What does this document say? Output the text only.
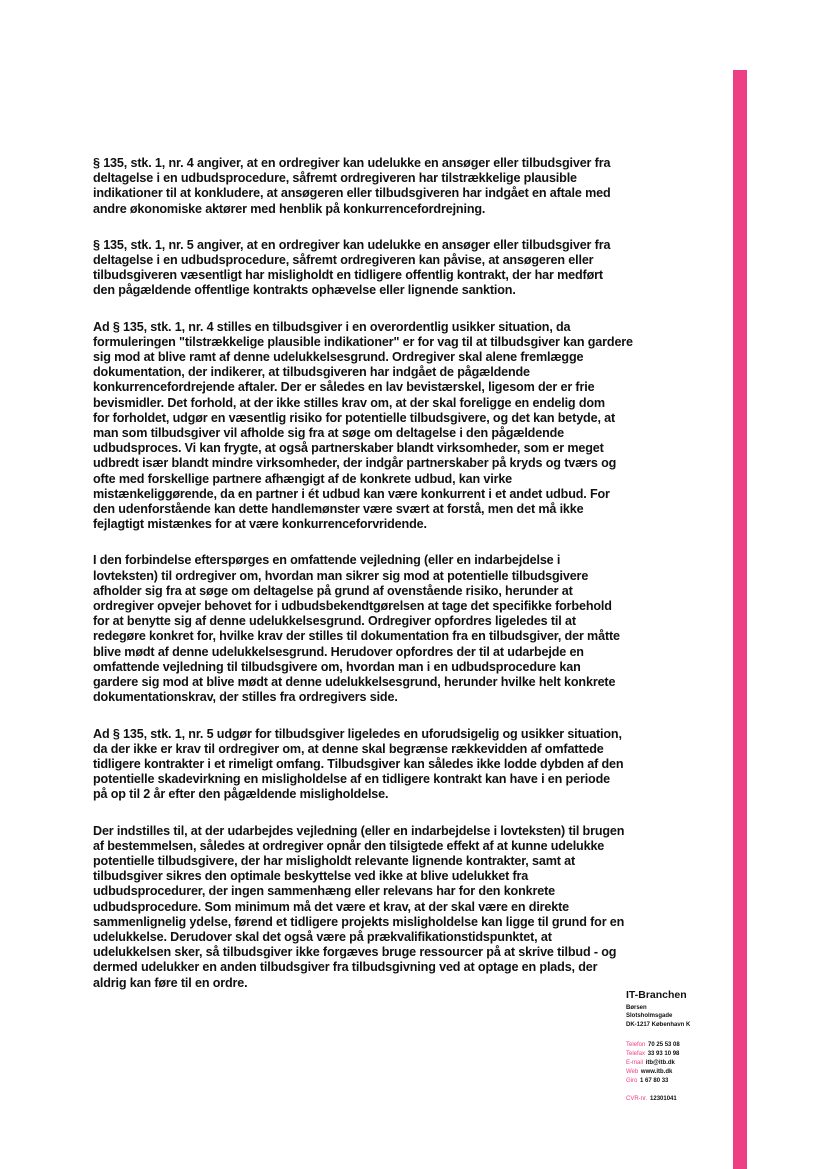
§ 135, stk. 1, nr. 4 angiver, at en ordregiver kan udelukke en ansøger eller tilbudsgiver fra
deltagelse i en udbudsprocedure, såfremt ordregiveren har tilstrækkelige plausible
indikationer til at konkludere, at ansøgeren eller tilbudsgiveren har indgået en aftale med
andre økonomiske aktører med henblik på konkurrencefordrejning.

§ 135, stk. 1, nr. 5 angiver, at en ordregiver kan udelukke en ansøger eller tilbudsgiver fra
deltagelse i en udbudsprocedure, såfremt ordregiveren kan påvise, at ansøgeren eller
tilbudsgiveren væsentligt har misligholdt en tidligere offentlig kontrakt, der har medført
den pågældende offentlige kontrakts ophævelse eller lignende sanktion.

Ad § 135, stk. 1, nr. 4 stilles en tilbudsgiver i en overordentlig usikker situation, da
formuleringen "tilstrækkelige plausible indikationer" er for vag til at tilbudsgiver kan gardere
sig mod at blive ramt af denne udelukkelsesgrund. Ordregiver skal alene fremlægge
dokumentation, der indikerer, at tilbudsgiveren har indgået de pågældende
konkurrencefordrejende aftaler. Der er således en lav bevistærskel, ligesom der er frie
bevismidler. Det forhold, at der ikke stilles krav om, at der skal foreligge en endelig dom
for forholdet, udgør en væsentlig risiko for potentielle tilbudsgivere, og det kan betyde, at
man som tilbudsgiver vil afholde sig fra at søge om deltagelse i den pågældende
udbudsproces. Vi kan frygte, at også partnerskaber blandt virksomheder, som er meget
udbredt især blandt mindre virksomheder, der indgår partnerskaber på kryds og tværs og
ofte med forskellige partnere afhængigt af de konkrete udbud, kan virke
mistænkeliggørende, da en partner i ét udbud kan være konkurrent i et andet udbud. For
den udenforstående kan dette handlemønster være svært at forstå, men det må ikke
fejlagtigt mistænkes for at være konkurrenceforvridende.

I den forbindelse efterspørges en omfattende vejledning (eller en indarbejdelse i
lovteksten) til ordregiver om, hvordan man sikrer sig mod at potentielle tilbudsgivere
afholder sig fra at søge om deltagelse på grund af ovenstående risiko, herunder at
ordregiver opvejer behovet for i udbudsbekendtgørelsen at tage det specifikke forbehold
for at benytte sig af denne udelukkelsesgrund. Ordregiver opfordres ligeledes til at
redegøre konkret for, hvilke krav der stilles til dokumentation fra en tilbudsgiver, der måtte
blive mødt af denne udelukkelsesgrund. Herudover opfordres der til at udarbejde en
omfattende vejledning til tilbudsgivere om, hvordan man i en udbudsprocedure kan
gardere sig mod at blive mødt at denne udelukkelsesgrund, herunder hvilke helt konkrete
dokumentationskrav, der stilles fra ordregivers side.

Ad § 135, stk. 1, nr. 5 udgør for tilbudsgiver ligeledes en uforudsigelig og usikker situation,
da der ikke er krav til ordregiver om, at denne skal begrænse rækkevidden af omfattede
tidligere kontrakter i et rimeligt omfang. Tilbudsgiver kan således ikke lodde dybden af den
potentielle skadevirkning en misligholdelse af en tidligere kontrakt kan have i en periode
på op til 2 år efter den pågældende misligholdelse.

Der indstilles til, at der udarbejdes vejledning (eller en indarbejdelse i lovteksten) til brugen
af bestemmelsen, således at ordregiver opnår den tilsigtede effekt af at kunne udelukke
potentielle tilbudsgivere, der har misligholdt relevante lignende kontrakter, samt at
tilbudsgiver sikres den optimale beskyttelse ved ikke at blive udelukket fra
udbudsprocedurer, der ingen sammenhæng eller relevans har for den konkrete
udbudsprocedure. Som minimum må det være et krav, at der skal være en direkte
sammenlignelig ydelse, førend et tidligere projekts misligholdelse kan ligge til grund for en
udelukkelse. Derudover skal det også være på prækvalifikationstidspunktet, at
udelukkelsen sker, så tilbudsgiver ikke forgæves bruge ressourcer på at skrive tilbud - og
dermed udelukker en anden tilbudsgiver fra tilbudsgivning ved at optage en plads, der
aldrig kan føre til en ordre.

IT-Branchen
Børsen
Slotsholmsgade
DK-1217 København K
Telefon 70 25 53 08
Telefax 33 93 10 98
E-mail itb@itb.dk
Web www.itb.dk
Giro 1 67 80 33
CVR-nr. 12301041
